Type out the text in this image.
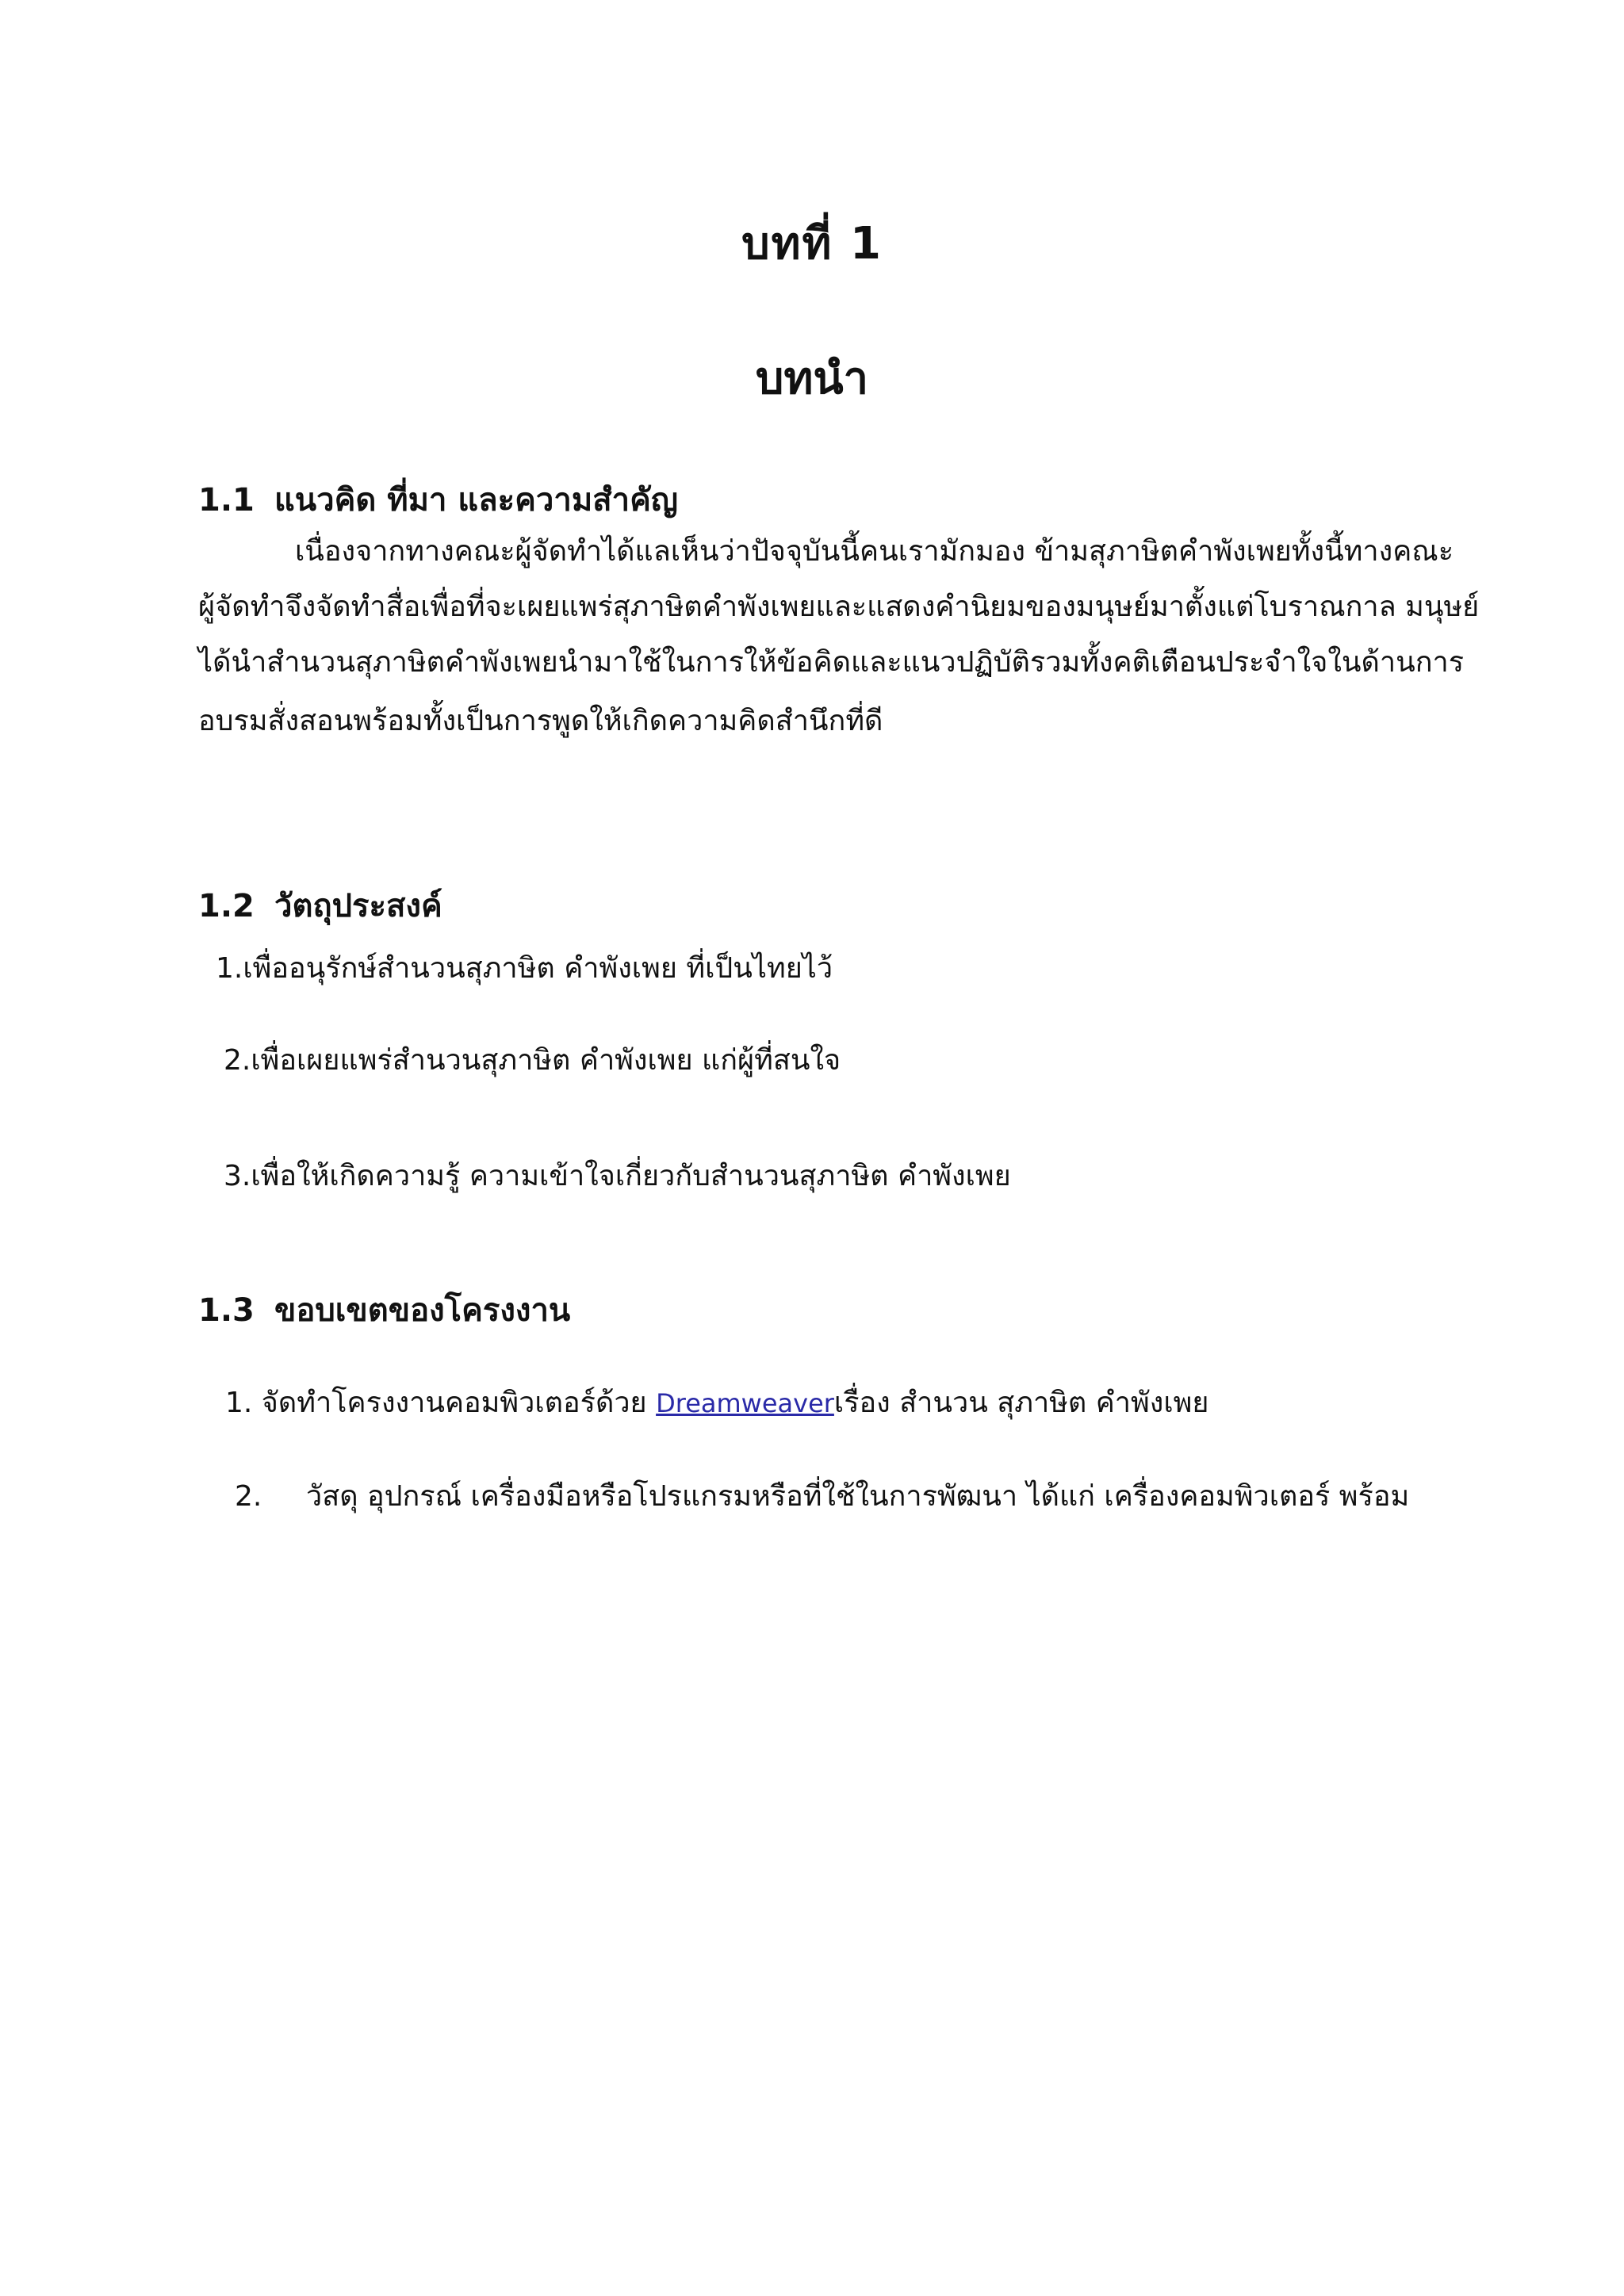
บทที่ 1
บทนำ
1.1 แนวคิด ที่มา และความสำคัญ
เนื่องจากทางคณะผู้จัดทำได้แลเห็นว่าปัจจุบันนี้คนเรามักมอง ข้ามสุภาษิตคำพังเพยทั้งนี้ทางคณะ
ผู้จัดทำจึงจัดทำสื่อเพื่อที่จะเผยแพร่สุภาษิตคำพังเพยและแสดงคำนิยมของมนุษย์มาตั้งแต่โบราณกาล มนุษย์
ได้นำสำนวนสุภาษิตคำพังเพยนำมาใช้ในการให้ข้อคิดและแนวปฏิบัติรวมทั้งคติเตือนประจำใจในด้านการ
อบรมสั่งสอนพร้อมทั้งเป็นการพูดให้เกิดความคิดสำนึกที่ดี
1.2 วัตถุประสงค์
1.เพื่ออนุรักษ์สำนวนสุภาษิต คำพังเพย ที่เป็นไทยไว้
2.เพื่อเผยแพร่สำนวนสุภาษิต คำพังเพย แก่ผู้ที่สนใจ
3.เพื่อให้เกิดความรู้ ความเข้าใจเกี่ยวกับสำนวนสุภาษิต คำพังเพย
1.3 ขอบเขตของโครงงาน
1. จัดทำโครงงานคอมพิวเตอร์ด้วย Dreamweaverเรื่อง สำนวน สุภาษิต คำพังเพย
2. วัสดุ อุปกรณ์ เครื่องมือหรือโปรแกรมหรือที่ใช้ในการพัฒนา ได้แก่ เครื่องคอมพิวเตอร์ พร้อม
